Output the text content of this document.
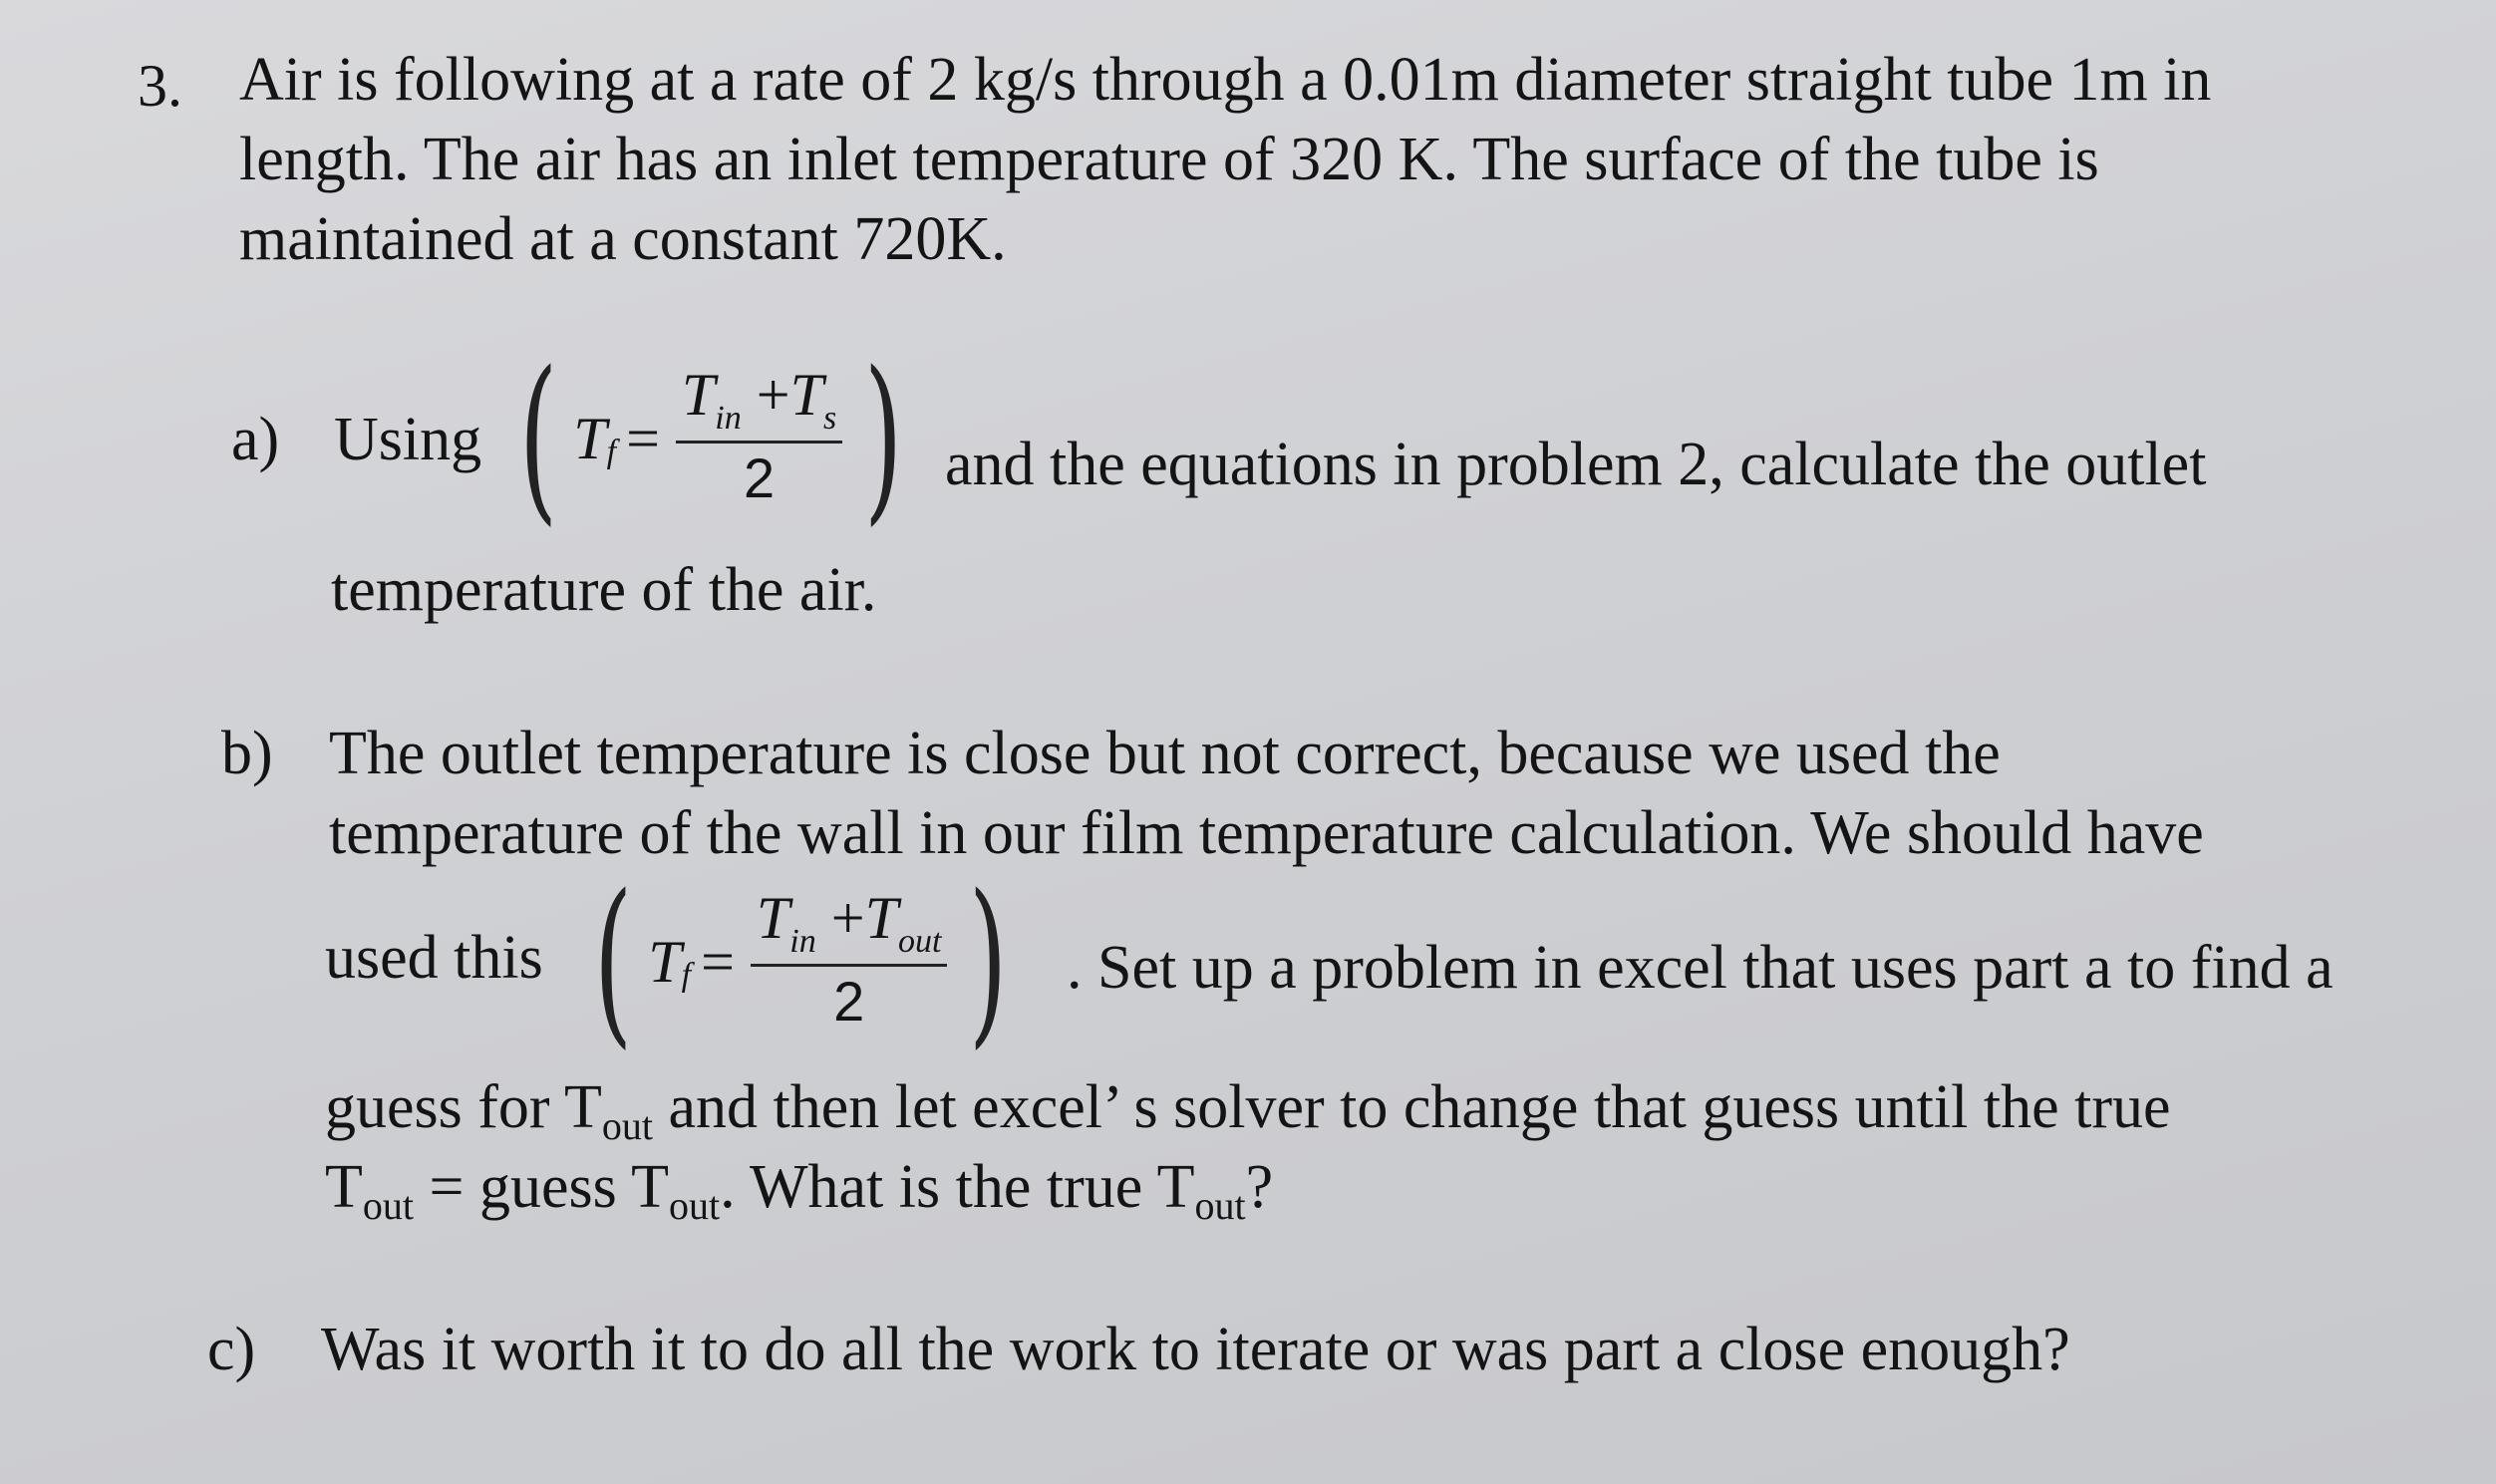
3. Air is following at a rate of 2 kg/s through a 0.01m diameter straight tube 1m in
length. The air has an inlet temperature of 320 K. The surface of the tube is
maintained at a constant 720K.
a) Using ( T $f = \frac{T_{in} +T_s}{2}$ ) and the equations in problem 2, calculate the outlet
temperature of the air.
b) The outlet temperature is close but not correct, because we used the
temperature of the wall in our film temperature calculation. We should have
used this ( T $f = \frac{T_{in} +T_{out}}{2}$ ) . Set up a problem in excel that uses part a to find a
guess for Tout and then let excel’ s solver to change that guess until the true
Tout = guess Tout. What is the true Tout?
c) Was it worth it to do all the work to iterate or was part a close enough?
